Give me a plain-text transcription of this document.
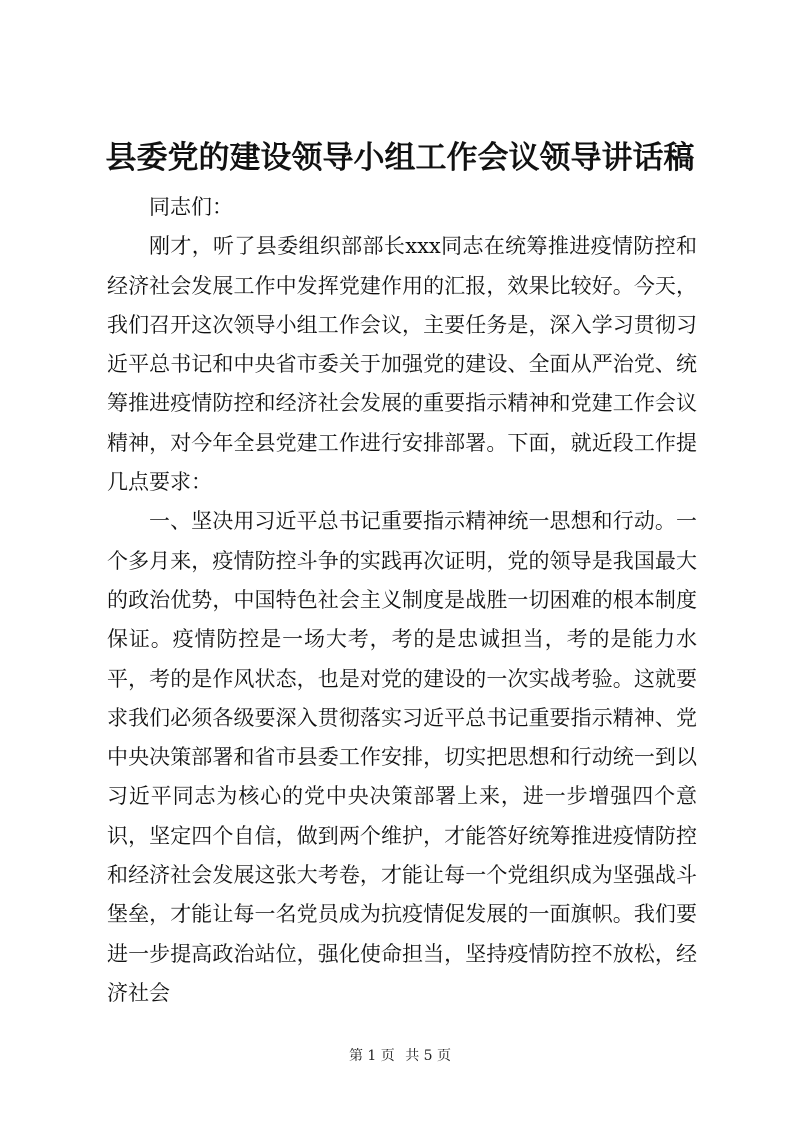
县委党的建设领导小组工作会议领导讲话稿

同志们：

刚才，听了县委组织部部长xxx同志在统筹推进疫情防控和经济社会发展工作中发挥党建作用的汇报，效果比较好。今天，我们召开这次领导小组工作会议，主要任务是，深入学习贯彻习近平总书记和中央省市委关于加强党的建设、全面从严治党、统筹推进疫情防控和经济社会发展的重要指示精神和党建工作会议精神，对今年全县党建工作进行安排部署。下面，就近段工作提几点要求：

一、坚决用习近平总书记重要指示精神统一思想和行动。一个多月来，疫情防控斗争的实践再次证明，党的领导是我国最大的政治优势，中国特色社会主义制度是战胜一切困难的根本制度保证。疫情防控是一场大考，考的是忠诚担当，考的是能力水平，考的是作风状态，也是对党的建设的一次实战考验。这就要求我们必须各级要深入贯彻落实习近平总书记重要指示精神、党中央决策部署和省市县委工作安排，切实把思想和行动统一到以习近平同志为核心的党中央决策部署上来，进一步增强四个意识，坚定四个自信，做到两个维护，才能答好统筹推进疫情防控和经济社会发展这张大考卷，才能让每一个党组织成为坚强战斗堡垒，才能让每一名党员成为抗疫情促发展的一面旗帜。我们要进一步提高政治站位，强化使命担当，坚持疫情防控不放松，经济社会

第 1 页 共 5 页
